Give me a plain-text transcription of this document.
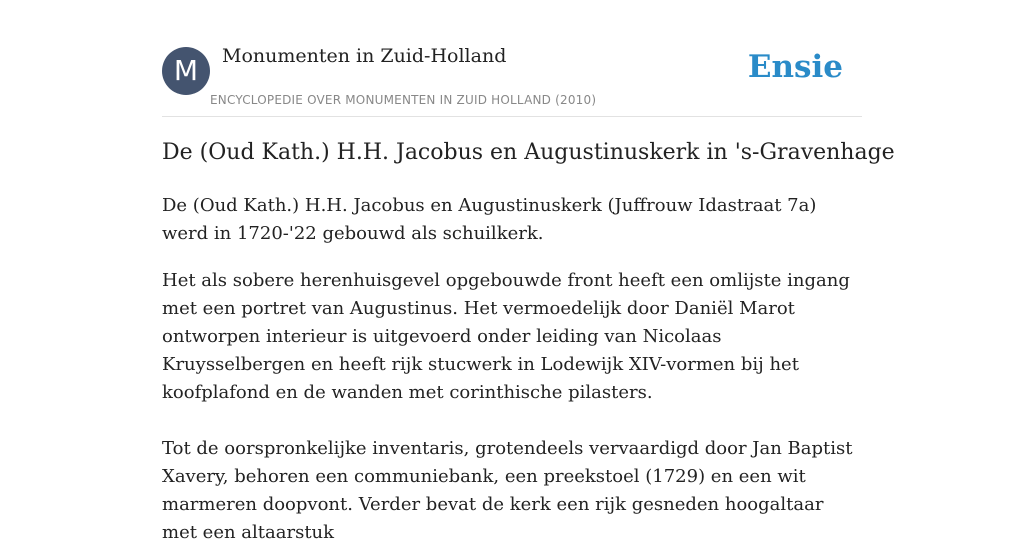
M	Monumenten in Zuid-Holland
ENCYCLOPEDIE OVER MONUMENTEN IN ZUID HOLLAND (2010)
Ensie
De (Oud Kath.) H.H. Jacobus en Augustinuskerk in 's-Gravenhage

De (Oud Kath.) H.H. Jacobus en Augustinuskerk (Juffrouw Idastraat 7a) werd in 1720-'22 gebouwd als schuilkerk.

Het als sobere herenhuisgevel opgebouwde front heeft een omlijste ingang met een portret van Augustinus. Het vermoedelijk door Daniël Marot ontworpen interieur is uitgevoerd onder leiding van Nicolaas Kruysselbergen en heeft rijk stucwerk in Lodewijk XIV-vormen bij het koofplafond en de wanden met corinthische pilasters.

Tot de oorspronkelijke inventaris, grotendeels vervaardigd door Jan Baptist Xavery, behoren een communiebank, een preekstoel (1729) en een wit marmeren doopvont. Verder bevat de kerk een rijk gesneden hoogaltaar met een altaarstuk
